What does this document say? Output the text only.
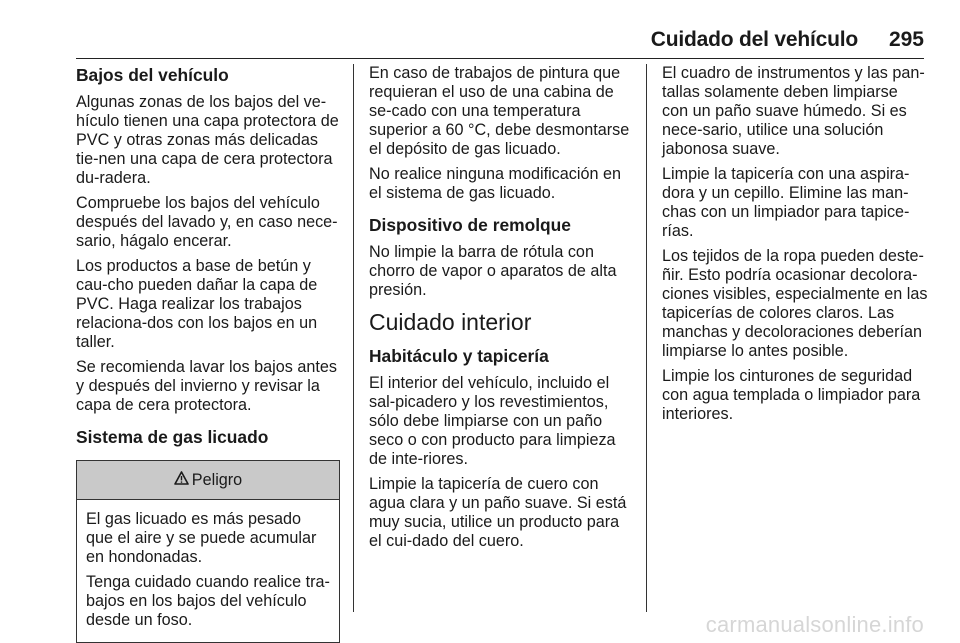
Cuidado del vehículo 295
Bajos del vehículo

Algunas zonas de los bajos del ve-hículo tienen una capa protectora de PVC y otras zonas más delicadas tie-nen una capa de cera protectora du-radera.

Compruebe los bajos del vehículo después del lavado y, en caso nece-sario, hágalo encerar.

Los productos a base de betún y cau-cho pueden dañar la capa de PVC. Haga realizar los trabajos relaciona-dos con los bajos en un taller.

Se recomienda lavar los bajos antes y después del invierno y revisar la capa de cera protectora.

Sistema de gas licuado
Peligro

El gas licuado es más pesado que el aire y se puede acumular en hondonadas.

Tenga cuidado cuando realice tra-bajos en los bajos del vehículo desde un foso.

En caso de trabajos de pintura que requieran el uso de una cabina de se-cado con una temperatura superior a 60 °C, debe desmontarse el depósito de gas licuado.

No realice ninguna modificación en el sistema de gas licuado.

Dispositivo de remolque

No limpie la barra de rótula con chorro de vapor o aparatos de alta presión.

Cuidado interior
Habitáculo y tapicería

El interior del vehículo, incluido el sal-picadero y los revestimientos, sólo debe limpiarse con un paño seco o con producto para limpieza de inte-riores.

Limpie la tapicería de cuero con agua clara y un paño suave. Si está muy sucia, utilice un producto para el cui-dado del cuero.

El cuadro de instrumentos y las pan-tallas solamente deben limpiarse con un paño suave húmedo. Si es nece-sario, utilice una solución jabonosa suave.

Limpie la tapicería con una aspira-dora y un cepillo. Elimine las man-chas con un limpiador para tapice-rías.

Los tejidos de la ropa pueden deste-ñir. Esto podría ocasionar decolora-ciones visibles, especialmente en las tapicerías de colores claros. Las manchas y decoloraciones deberían limpiarse lo antes posible.

Limpie los cinturones de seguridad con agua templada o limpiador para interiores.

carmanualsonline.info
